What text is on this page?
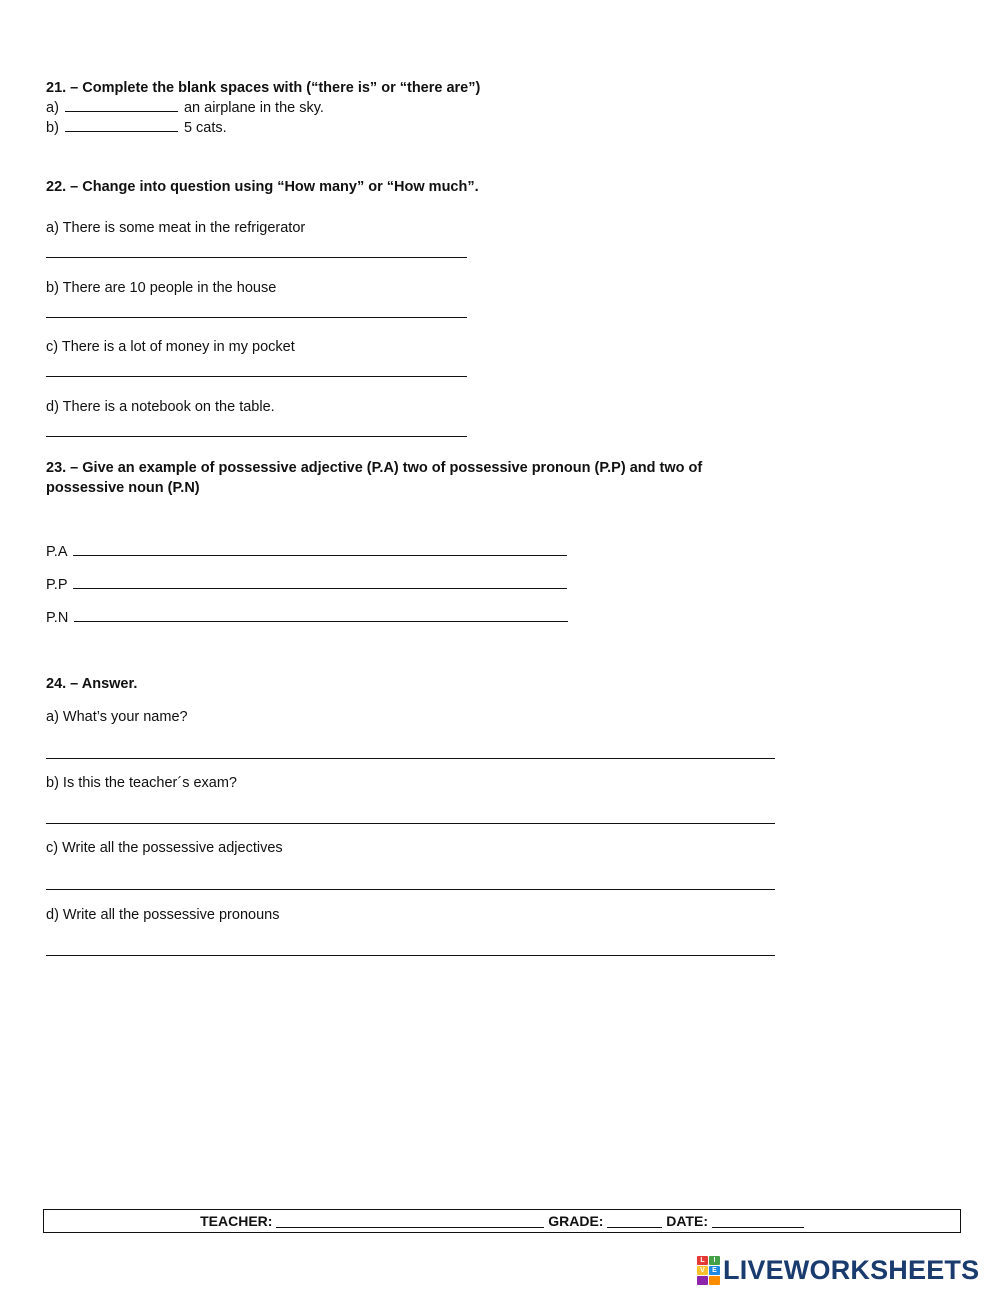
21. – Complete the blank spaces with (“there is” or “there are”)
a)	an airplane in the sky.
b)	5 cats.
22. – Change into question using “How many” or “How much”.
a) There is some meat in the refrigerator
b) There are 10 people in the house
c) There is a lot of money in my pocket
d) There is a notebook on the table.
23. – Give an example of possessive adjective (P.A) two of possessive pronoun (P.P) and two of possessive noun (P.N)
P.A
P.P
P.N
24. – Answer.
a) What’s your name?
b) Is this the teacher´s exam?
c) Write all the possessive adjectives
d) Write all the possessive pronouns
TEACHER:	GRADE:	DATE:
L	I
V	E LIVEWORKSHEETS
